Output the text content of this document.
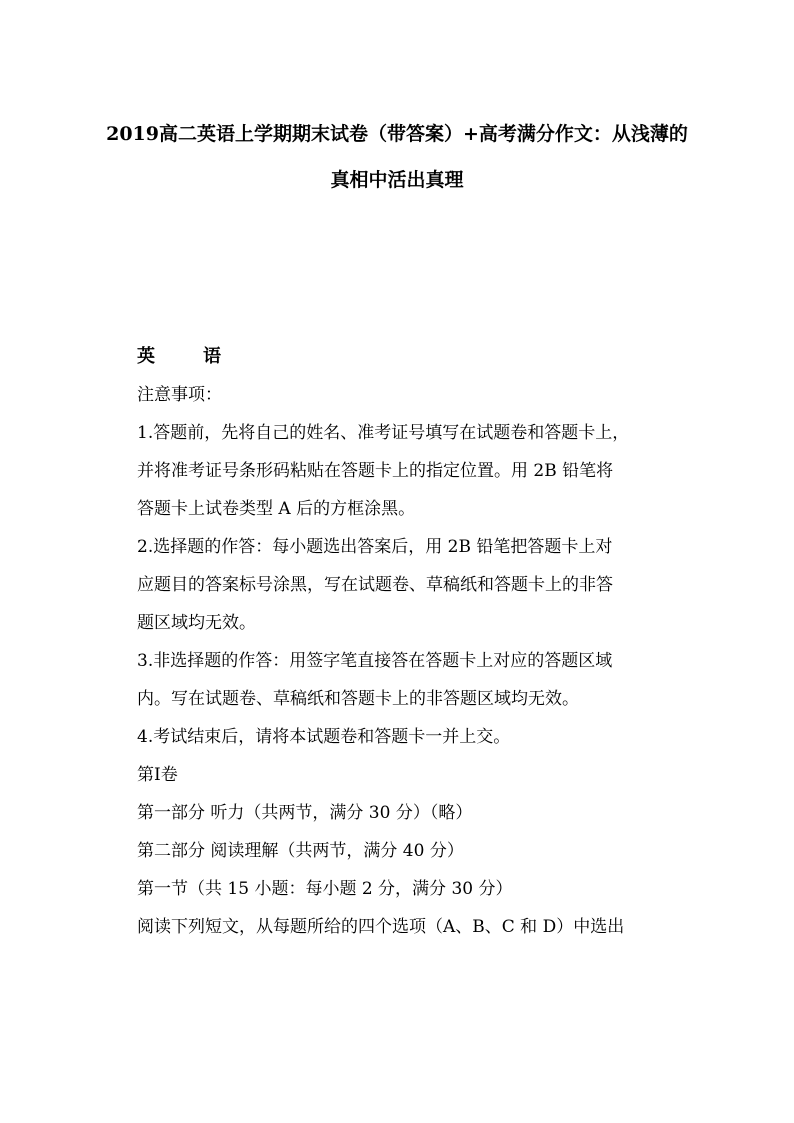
2019高二英语上学期期末试卷（带答案）+高考满分作文：从浅薄的
真相中活出真理
英	语

注意事项：

1.答题前，先将自己的姓名、准考证号填写在试题卷和答题卡上，

并将准考证号条形码粘贴在答题卡上的指定位置。用 2B 铅笔将

答题卡上试卷类型 A 后的方框涂黑。

2.选择题的作答：每小题选出答案后，用 2B 铅笔把答题卡上对

应题目的答案标号涂黑，写在试题卷、草稿纸和答题卡上的非答

题区域均无效。

3.非选择题的作答：用签字笔直接答在答题卡上对应的答题区域

内。写在试题卷、草稿纸和答题卡上的非答题区域均无效。

4.考试结束后，请将本试题卷和答题卡一并上交。

第Ⅰ卷

第一部分 听力（共两节，满分 30 分）（略）

第二部分 阅读理解（共两节，满分 40 分）

第一节（共 15 小题：每小题 2 分，满分 30 分）

阅读下列短文，从每题所给的四个选项（A、B、C 和 D）中选出
